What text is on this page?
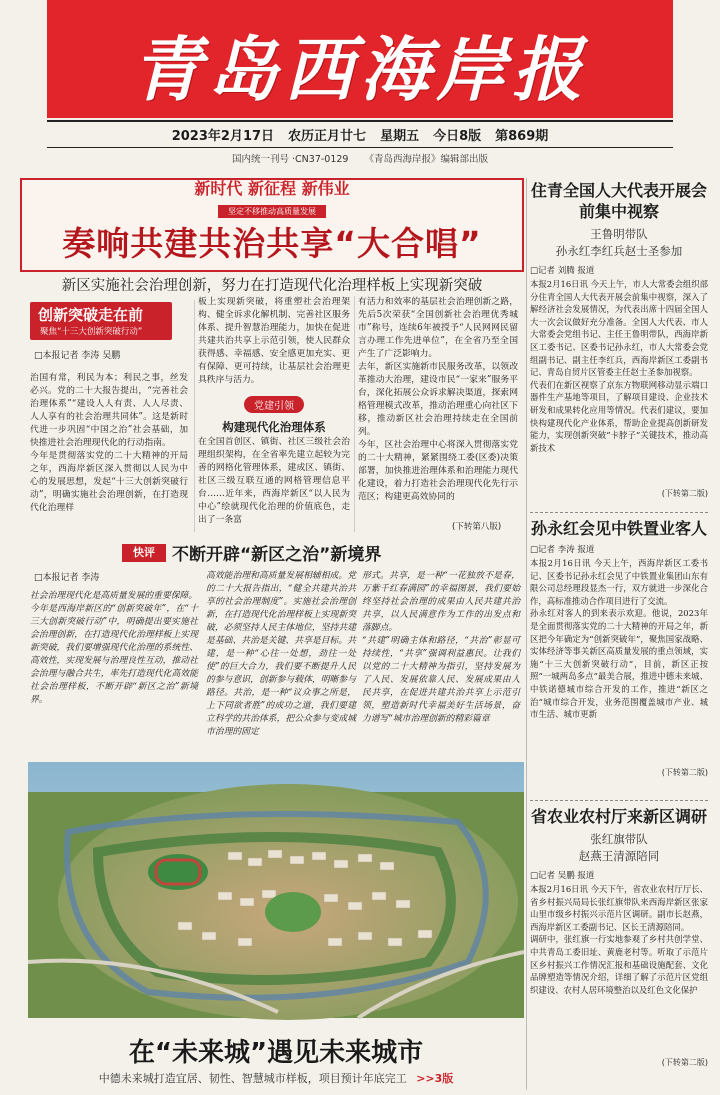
青岛西海岸报
2023年2月17日 农历正月廿七 星期五 今日8版 第869期
国内统一刊号 ·CN37-0129 《青岛西海岸报》编辑部出版
新时代 新征程 新伟业
坚定不移推动高质量发展
奏响共建共治共享“大合唱”
新区实施社会治理创新，努力在打造现代化治理样板上实现新突破
创新突破走在前
聚焦“十三大创新突破行动”
□本报记者 李涛 吴鹏
治国有常，利民为本；利民之事，丝发必兴。党的二十大报告提出，“完善社会治理体系”“建设人人有责、人人尽责、人人享有的社会治理共同体”。这是新时代进一步巩固“中国之治”社会基础，加快推进社会治理现代化的行动指南。
今年是贯彻落实党的二十大精神的开局之年，西海岸新区深入贯彻以人民为中心的发展思想，发起“十三大创新突破行动”，明确实施社会治理创新，在打造现代化治理样
板上实现新突破，将重塑社会治理架构、健全诉求化解机制、完善社区服务体系、提升智慧治理能力，加快在促进共建共治共享上示范引领，使人民群众获得感、幸福感、安全感更加充实、更有保障、更可持续，让基层社会治理更具秩序与活力。
党建引领
构建现代化治理体系
在全国首创区、镇街、社区三级社会治理组织架构，在全省率先建立起较为完善的网格化管理体系，建成区、镇街、社区三级互联互通的网格管理信息平台……近年来，西海岸新区“以人民为中心”绘就现代化治理的价值底色，走出了一条富
有活力和效率的基层社会治理创新之路，先后5次荣获“全国创新社会治理优秀城市”称号，连续6年被授予“人民网网民留言办理工作先进单位”，在全省乃至全国产生了广泛影响力。
去年，新区实施新市民服务改革，以领改革推动大治理，建设市民“一家来”服务平台，深化拓展公众诉求解决渠道，探索网格管理模式改革，推动治理重心向社区下移，推动新区社会治理持续走在全国前列。
今年，区社会治理中心将深入贯彻落实党的二十大精神，紧紧围绕工委(区委)决策部署，加快推进治理体系和治理能力现代化建设，着力打造社会治理现代化先行示范区；构建更高效协同的
(下转第八版)
快评	不断开辟“新区之治”新境界
□本报记者 李涛
社会治理现代化是高质量发展的重要保障。
今年是西海岸新区的“创新突破年”，在“十三大创新突破行动”中，明确提出要实施社会治理创新，在打造现代化治理样板上实现新突破，我们要增强现代化治理的系统性、高效性，实现发展与治理良性互动，推动社会治理与融合共生，率先打造现代化高效能社会治理样板，不断开辟“新区之治”新境界。
高效能治理和高质量发展相辅相成。党的二十大报告指出，“健全共建共治共享的社会治理制度”。实施社会治理创新，在打造现代化治理样板上实现新突破，必须坚持人民主体地位，坚持共建是基础、共治是关键、共享是目标。共建，是一种“心往一处想，劲往一处使”的巨大合力，我们要不断提升人民的参与意识，创新参与载体，明晰参与路径。共治，是一种“议众事之所是，上下同欲者胜”的成功之道，我们要建立科学的共治体系，把公众参与变成城市治理的固定
形式。共享，是一种“一花独放不是春，万紫千红春满园”的幸福图景，我们要始终坚持社会治理的成果由人民共建共治共享，以人民满意作为工作的出发点和落脚点。
“共建”明确主体和路径，“共治”彰显可持续性，“共享”强调利益惠民。让我们以党的二十大精神为指引，坚持发展为了人民、发展依靠人民、发展成果由人民共享，在促进共建共治共享上示范引领，塑造新时代幸福美好生活场景，奋力谱写“城市治理创新的精彩篇章
在“未来城”遇见未来城市
中德未来城打造宜居、韧性、智慧城市样板，项目预计年底完工 >>3版
住青全国人大代表开展会前集中视察
王鲁明带队
孙永红李红兵赵士圣参加
□记者 刘腾 报道
本报2月16日讯 今天上午，市人大常委会组织部分住青全国人大代表开展会前集中视察，深入了解经济社会发展情况，为代表出席十四届全国人大一次会议做好充分准备。全国人大代表、市人大常委会党组书记、主任王鲁明带队，西海岸新区工委书记、区委书记孙永红，市人大常委会党组副书记、副主任李红兵，西海岸新区工委副书记、青岛自贸片区管委主任赵士圣参加视察。
代表们在新区视察了京东方物联网移动显示端口器件生产基地等项目，了解项目建设、企业技术研发和成果转化应用等情况。代表们建议，要加快构建现代化产业体系，帮助企业提高创新研发能力，实现创新突破“卡脖子”关键技术，推动高新技术
(下转第二版)
孙永红会见中铁置业客人
□记者 李涛 报道
本报2月16日讯 今天上午，西海岸新区工委书记、区委书记孙永红会见了中铁置业集团山东有限公司总经理段显杰一行，双方就进一步深化合作，高标准推动合作项目进行了交流。
孙永红对客人的到来表示欢迎。他说，2023年是全面贯彻落实党的二十大精神的开局之年，新区把今年确定为“创新突破年”，聚焦国家战略、实体经济等事关新区高质量发展的重点领域，实施“十三大创新突破行动”，目前，新区正按照“一城两岛多点”最美合展，推进中德未来城、中铁诺德城市综合开发的工作，推进“新区之治”城市综合开发，业务范围覆盖城市产业、城市生活、城市更新
(下转第二版)
省农业农村厅来新区调研
张红旗带队
赵燕王清源陪同
□记者 吴鹏 报道
本报2月16日讯 今天下午，省农业农村厅厅长、省乡村振兴局局长张红旗带队来西海岸新区张家山里市级乡村振兴示范片区调研。副市长赵燕，西海岸新区工委副书记、区长王清源陪同。
调研中，张红旗一行实地参观了乡村共创学堂、中共青岛工委旧址、黄鹿老村等。听取了示范片区乡村振兴工作情况汇报和基础设施配套、文化品牌塑造等情况介绍，详细了解了示范片区党组织建设、农村人居环境整治以及红色文化保护
(下转第二版)
